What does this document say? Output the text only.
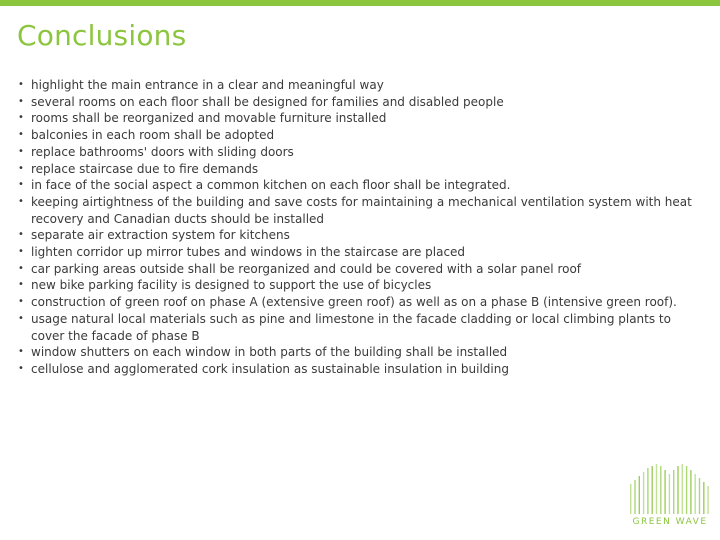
Conclusions
• highlight the main entrance in a clear and meaningful way
• several rooms on each floor shall be designed for families and disabled people
• rooms shall be reorganized and movable furniture installed
• balconies in each room shall be adopted
• replace bathrooms' doors with sliding doors
• replace staircase due to fire demands
• in face of the social aspect a common kitchen on each floor shall be integrated.
• keeping airtightness of the building and save costs for maintaining a mechanical ventilation system with heat recovery and Canadian ducts should be installed
• separate air extraction system for kitchens
• lighten corridor up mirror tubes and windows in the staircase are placed
• car parking areas outside shall be reorganized and could be covered with a solar panel roof
• new bike parking facility is designed to support the use of bicycles
• construction of green roof on phase A (extensive green roof) as well as on a phase B (intensive green roof).
• usage natural local materials such as pine and limestone in the facade cladding or local climbing plants to cover the facade of phase B
• window shutters on each window in both parts of the building shall be installed
• cellulose and agglomerated cork insulation as sustainable insulation in building
GREEN WAVE
